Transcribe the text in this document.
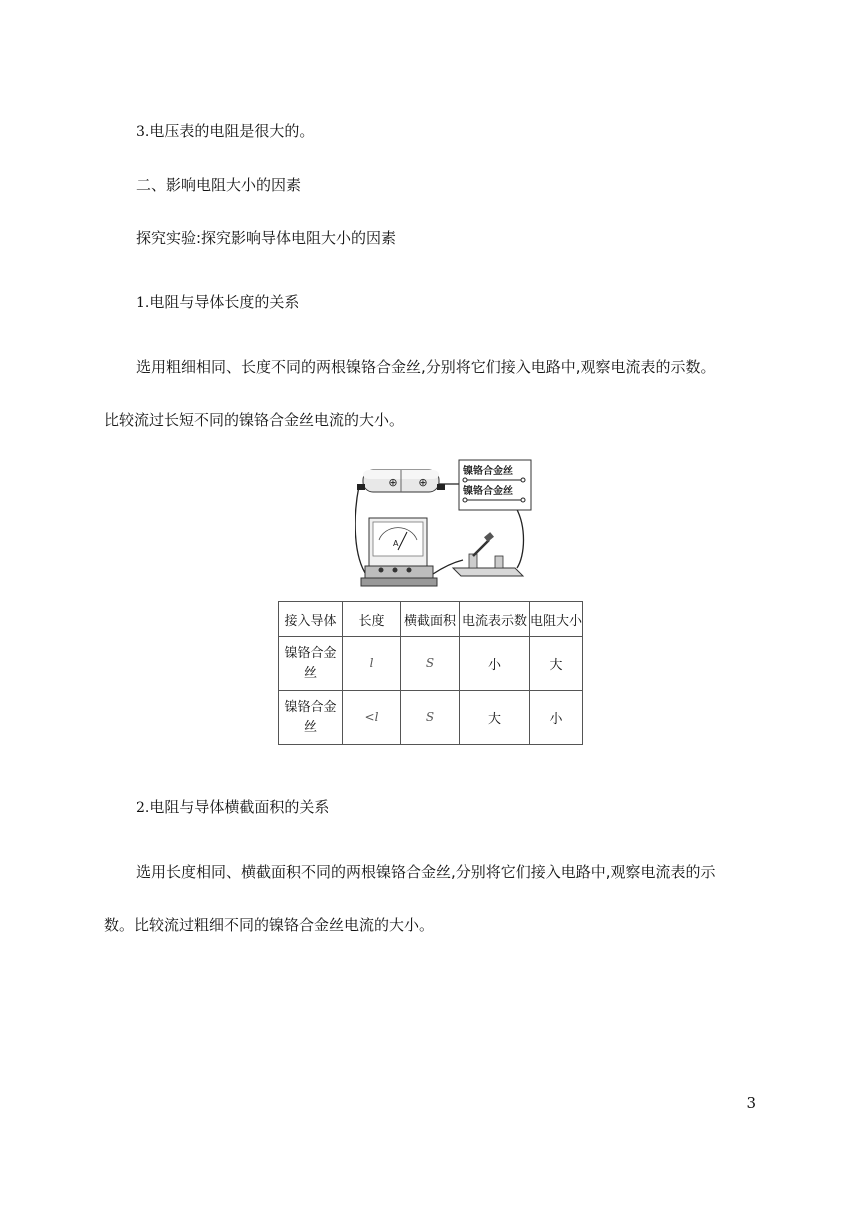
3.电压表的电阻是很大的。
二、影响电阻大小的因素
探究实验:探究影响导体电阻大小的因素
1.电阻与导体长度的关系
选用粗细相同、长度不同的两根镍铬合金丝,分别将它们接入电路中,观察电流表的示数。
比较流过长短不同的镍铬合金丝电流的大小。
⊕ ⊕
镍铬合金丝
镍铬合金丝
A
接入导体	长度	横截面积	电流表示数	电阻大小
镍铬合金丝	l	S	小	大
镍铬合金丝	<l	S	大	小
2.电阻与导体横截面积的关系
选用长度相同、横截面积不同的两根镍铬合金丝,分别将它们接入电路中,观察电流表的示
数。比较流过粗细不同的镍铬合金丝电流的大小。
3
